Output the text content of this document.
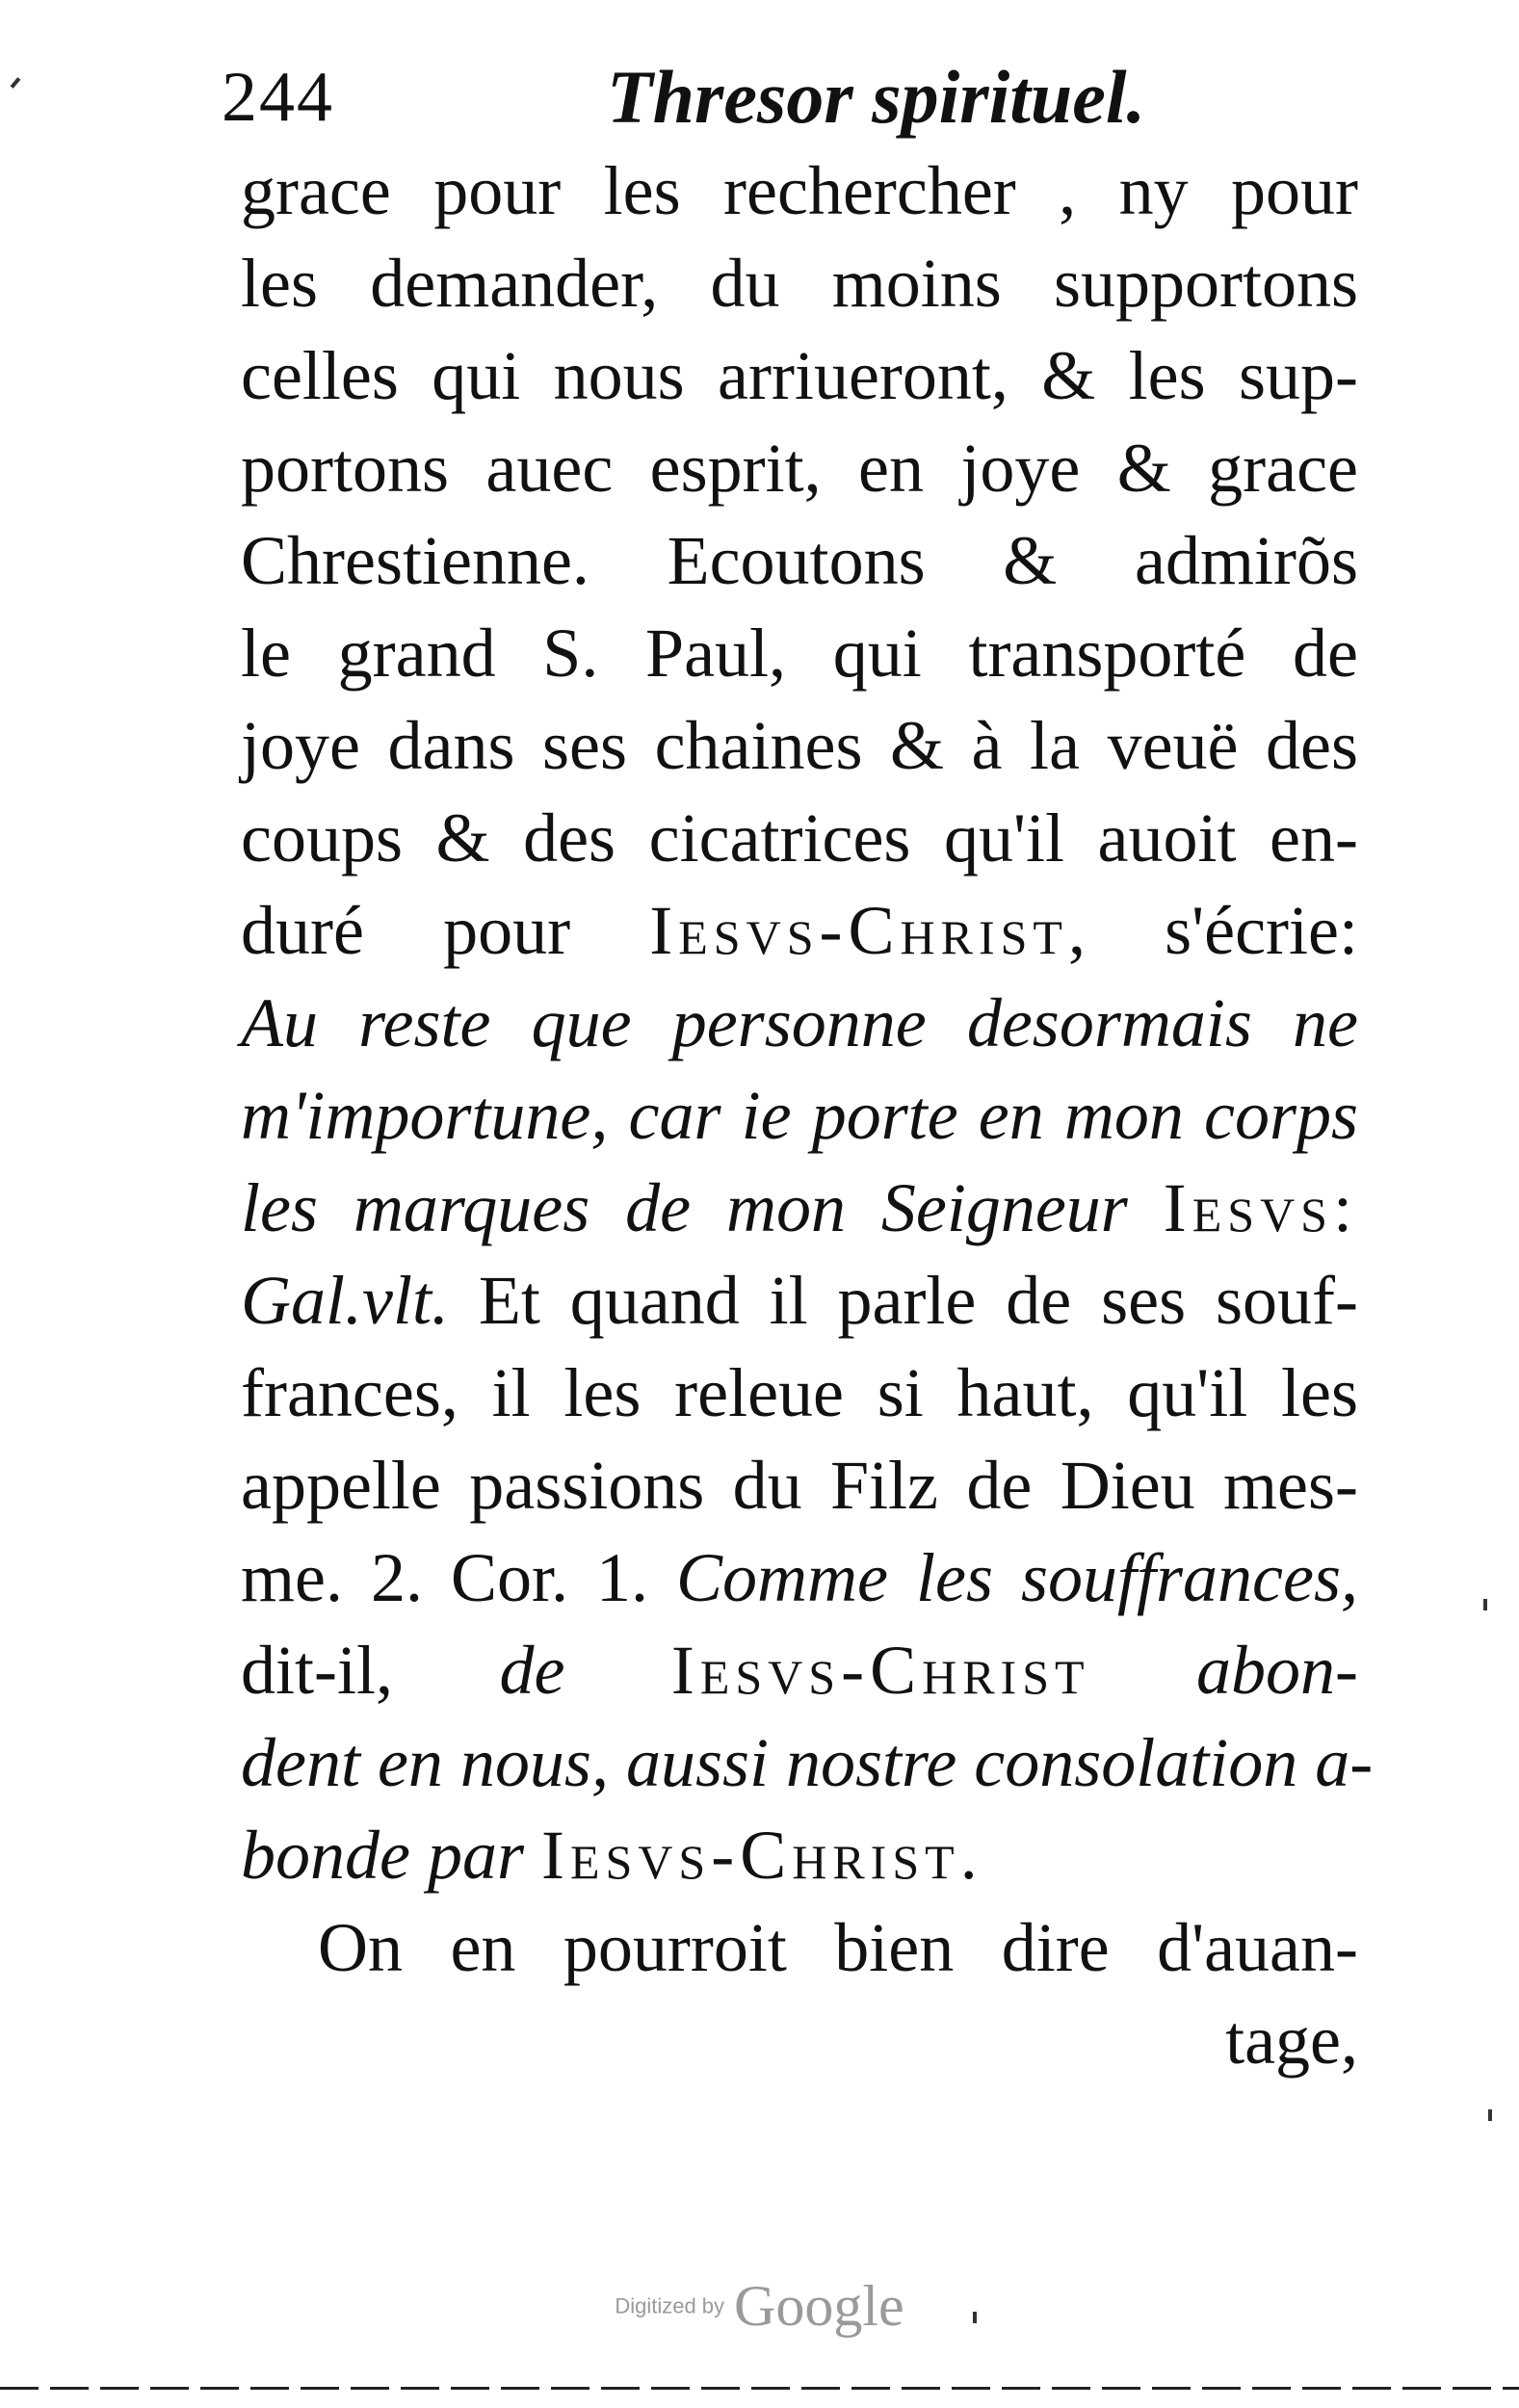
244	Thresor spirituel.
grace pour les rechercher , ny pour
les demander, du moins supportons
celles qui nous arriueront, & les sup-
portons auec esprit, en joye & grace
Chrestienne. Ecoutons & admirõs
le grand S. Paul, qui transporté de
joye dans ses chaines & à la veuë des
coups & des cicatrices qu'il auoit en-
duré pour Iesvs-Christ, s'écrie:
Au reste que personne desormais ne
m'importune, car ie porte en mon corps
les marques de mon Seigneur Iesvs:
Gal.vlt. Et quand il parle de ses souf-
frances, il les releue si haut, qu'il les
appelle passions du Filz de Dieu mes-
me. 2. Cor. 1. Comme les souffrances,
dit-il, de Iesvs-Christ abon-
dent en nous, aussi nostre consolation a-
bonde par Iesvs-Christ.
On en pourroit bien dire d'auan-
tage,
Digitized by Google
